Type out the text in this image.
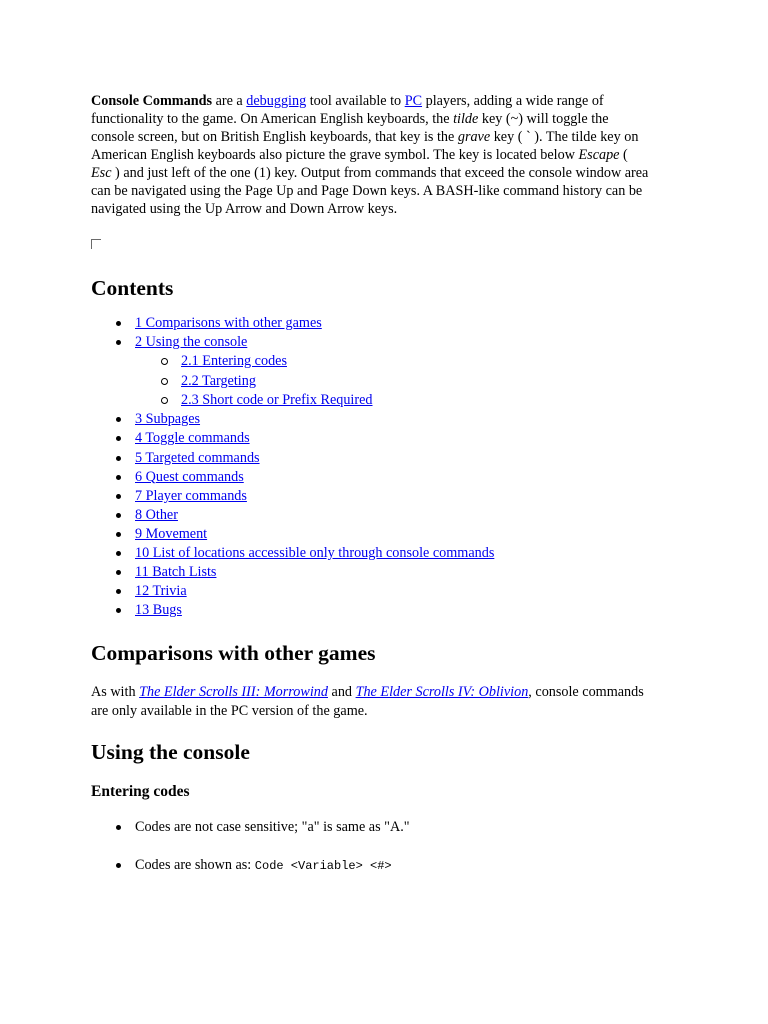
Console Commands are a debugging tool available to PC players, adding a wide range of functionality to the game. On American English keyboards, the tilde key (~) will toggle the console screen, but on British English keyboards, that key is the grave key ( ` ). The tilde key on American English keyboards also picture the grave symbol. The key is located below Escape ( Esc ) and just left of the one (1) key. Output from commands that exceed the console window area can be navigated using the Page Up and Page Down keys. A BASH-like command history can be navigated using the Up Arrow and Down Arrow keys.

Contents
1 Comparisons with other games
2 Using the console
2.1 Entering codes
2.2 Targeting
2.3 Short code or Prefix Required
3 Subpages
4 Toggle commands
5 Targeted commands
6 Quest commands
7 Player commands
8 Other
9 Movement
10 List of locations accessible only through console commands
11 Batch Lists
12 Trivia
13 Bugs
Comparisons with other games

As with The Elder Scrolls III: Morrowind and The Elder Scrolls IV: Oblivion, console commands are only available in the PC version of the game.

Using the console
Entering codes
Codes are not case sensitive; "a" is same as "A."
Codes are shown as: Code <Variable> <#>
